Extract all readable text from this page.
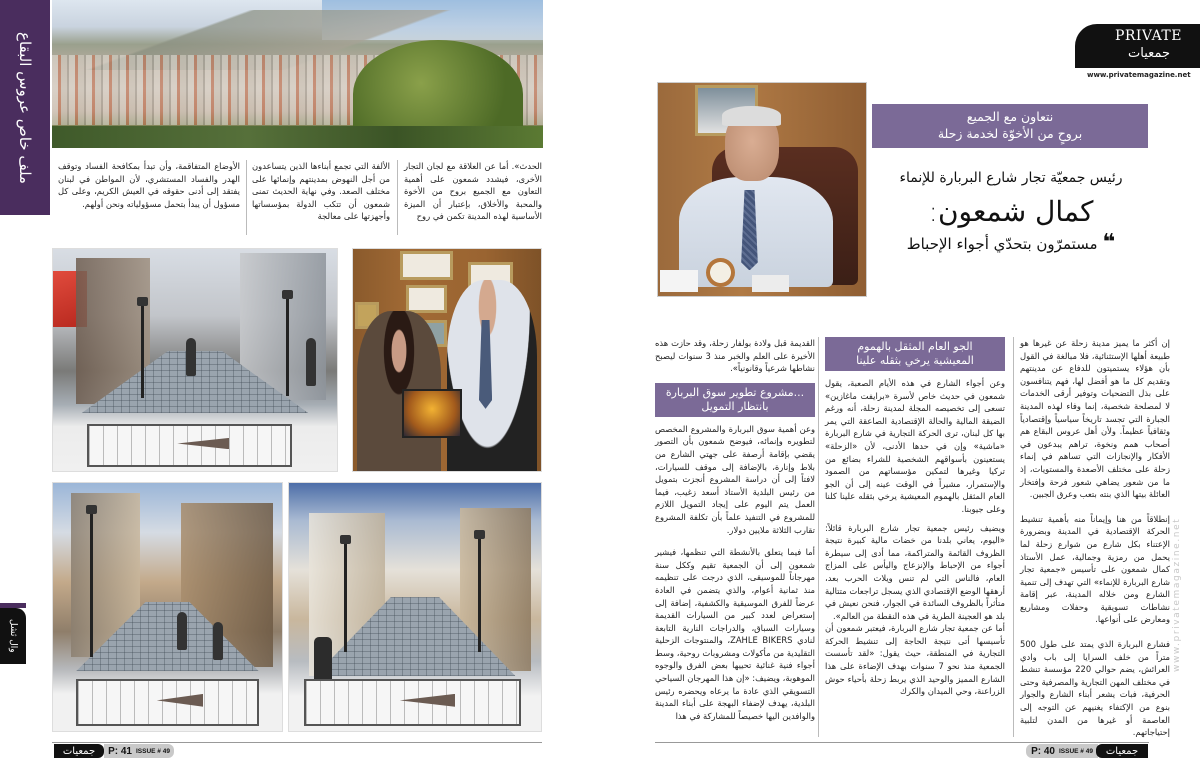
ملف خاص عروس البقاع	الحدث». أما عن العلاقة مع لجان التجار الأخرى، فيشدد شمعون على أهمية التعاون مع الجميع بروح من الأخوة والمحبة والأخلاق، بإعتبار أن الميزة الأساسية لهذه المدينة تكمن في روح
الألفة التي تجمع أبناءها الذين يتساعدون من أجل النهوض بمدينتهم وإنمائها على مختلف الصعد. وفي نهاية الحديث تمنى شمعون أن تتكب الدولة بمؤسساتها وأجهزتها على معالجة
الأوضاع المتفاقمة، وأن تبدأ بمكافحة الفساد وتوقف الهدر والفساد المستشري، لأن المواطن في لبنان يفتقد إلى أدنى حقوقه في العيش الكريم، وعلى كل مسؤول أن يبدأ بتحمل مسؤولياته ونحن أولهم.
وال ثشل
جمعيات P: 41 ISSUE # 49
PRIVATE
جمعيات
www.privatemagazine.net
نتعاون مع الجميع
بروحٍ من الأخوّة لخدمة زحلة
رئيس جمعيّة تجار شارع البربارة للإنماء
كمال شمعون:
❝ مستمرّون بتحدّي أجواء الإحباط

إن أكثر ما يميز مدينة زحلة عن غيرها هو طبيعة أهلها الإستثنائية، فلا مبالغة في القول بأن هؤلاء يستميتون للدفاع عن مدينتهم وتقديم كل ما هو أفضل لها، فهم يتنافسون على بذل التضحيات وتوفير أرقى الخدمات لا لمصلحة شخصية، إنما وفاء لهذه المدينة الجبارة التي تجسد تاريخاً سياسياً وإقتصادياً وثقافياً عظيماً. ولأن أهل عروس البقاع هم أصحاب همم ونخوة، تراهم يبدعون في الأفكار والإنجازات التي تساهم في إنماء زحلة على مختلف الأصعدة والمستويات، إذ ما من شعور يضاهي شعور فرحة وإفتخار العائلة بيتها الذي بنته بتعب وعرق الجبين.

إنطلاقاً من هنا وإيماناً منه بأهمية تنشيط الحركة الإقتصادية في المدينة وبضرورة الإعتناء بكل شارع من شوارع زحلة لما يحمل من رمزية وجمالية، عمل الأستاذ كمال شمعون على تأسيس «جمعية تجار شارع البربارة للإنماء» التي تهدف إلى تنمية الشارع ومن خلاله المدينة، عبر إقامة نشاطات تسويقية وحفلات ومشاريع ومعارض على أنواعها.

فشارع البربارة الذي يمتد على طول 500 متراً من خلف السرايا إلى باب وادي العرائش، يضم حوالي 220 مؤسسة تنشط في مختلف المهن التجارية والمصرفية وحتى الحرفية، فبات يشعر أبناء الشارع والجوار بنوع من الإكتفاء يغنيهم عن التوجه إلى العاصمة أو غيرها من المدن لتلبية إحتياجاتهم.

الجو العام المثقل بالهموم
المعيشية يرخي بثقله علينا

وعن أجواء الشارع في هذه الأيام الصعبة، يقول شمعون في حديث خاص لأسرة «برايفت ماغازين» تسعى إلى تخصيصه المجلة لمدينة زحلة، أنه ورغم الضيقة المالية والحالة الإقتصادية الصاعقة التي يمر بها كل لبنان، ترى الحركة التجارية في شارع البربارة «ماشية» وإن في حدها الأدنى، لأن «الزحلة» يستعينون بأسواقهم الشخصية للشراء بضائع من تركيا وغيرها لتمكين مؤسساتهم من الصمود والإستمرار، مشيراً في الوقت عينه إلى أن الجو العام المثقل بالهموم المعيشية يرخي بثقله علينا كلنا وعلى جيوبنا.

ويضيف رئيس جمعية تجار شارع البربارة قائلاً: «اليوم، يعاني بلدنا من خضات مالية كبيرة نتيجة الظروف القائمة والمتراكمة، مما أدى إلى سيطرة أجواء من الإحباط والإنزعاج واليأس على المزاج العام، فالناس التي لم تنس ويلات الحرب بعد، أرهقها الوضع الإقتصادي الذي يسجل تراجعات متتالية متأثراً بالظروف السائدة في الجوار، فنحن نعيش في بلد هو العجينة الطرية في هذه النقطة من العالم».

أما عن جمعية تجار شارع البربارة، فيعتبر شمعون أن تأسيسها أتى نتيجة الحاجة إلى تنشيط الحركة التجارية في المنطقة، حيث يقول: «لقد تأسست الجمعية منذ نحو 7 سنوات بهدف الإضاءة على هذا الشارع المميز والوحيد الذي يربط زحلة بأحياء حوش الزراعنة، وحي الميدان والكرك

القديمة قبل ولادة بولفار زحلة، وقد حازت هذه الأخيرة على العلم والخبر منذ 3 سنوات ليصبح نشاطها شرعياً وقانونياً».

مشروع تطوير سوق البربارة...
بانتظار التمويل

وعن أهمية سوق البربارة والمشروع المخصص لتطويره وإنمائه، فيوضح شمعون بأن التصور يقضي بإقامة أرصفة على جهتي الشارع من بلاط وإنارة، بالإضافة إلى موقف للسيارات، لافتاً إلى أن دراسة المشروع أنجزت بتمويل من رئيس البلدية الأستاذ أسعد زغيب، فيما العمل يتم اليوم على إيجاد التمويل اللازم للمشروع في التنفيذ علماً بأن تكلفة المشروع تقارب الثلاثة ملايين دولار.

أما فيما يتعلق بالأنشطة التي تنظمها، فيشير شمعون إلى أن الجمعية تقيم وككل سنة مهرجاناً للموسيقى، الذي درجت على تنظيمه منذ ثمانية أعوام، والذي يتضمن في العادة عرضاً للفرق الموسيقية والكشفية، إضافة إلى إستعراض لعدد كبير من السيارات القديمة وسيارات السباق، والدراجات النارية التابعة لنادي ZAHLE BIKERS، والمنتوجات الزحلية التقليدية من مأكولات ومشروبات روحية، وسط أجواء فنية غنائية تحييها بعض الفرق والوجوه الموهوبة، ويضيف: «إن هذا المهرجان السياحي التسويقي الذي عادة ما يرعاه ويحضره رئيس البلدية، يهدف لإضفاء البهجة على أبناء المدينة والوافدين اليها خصيصاً للمشاركة في هذا

www.privatemagazine.net
P: 40 ISSUE # 49 جمعيات
